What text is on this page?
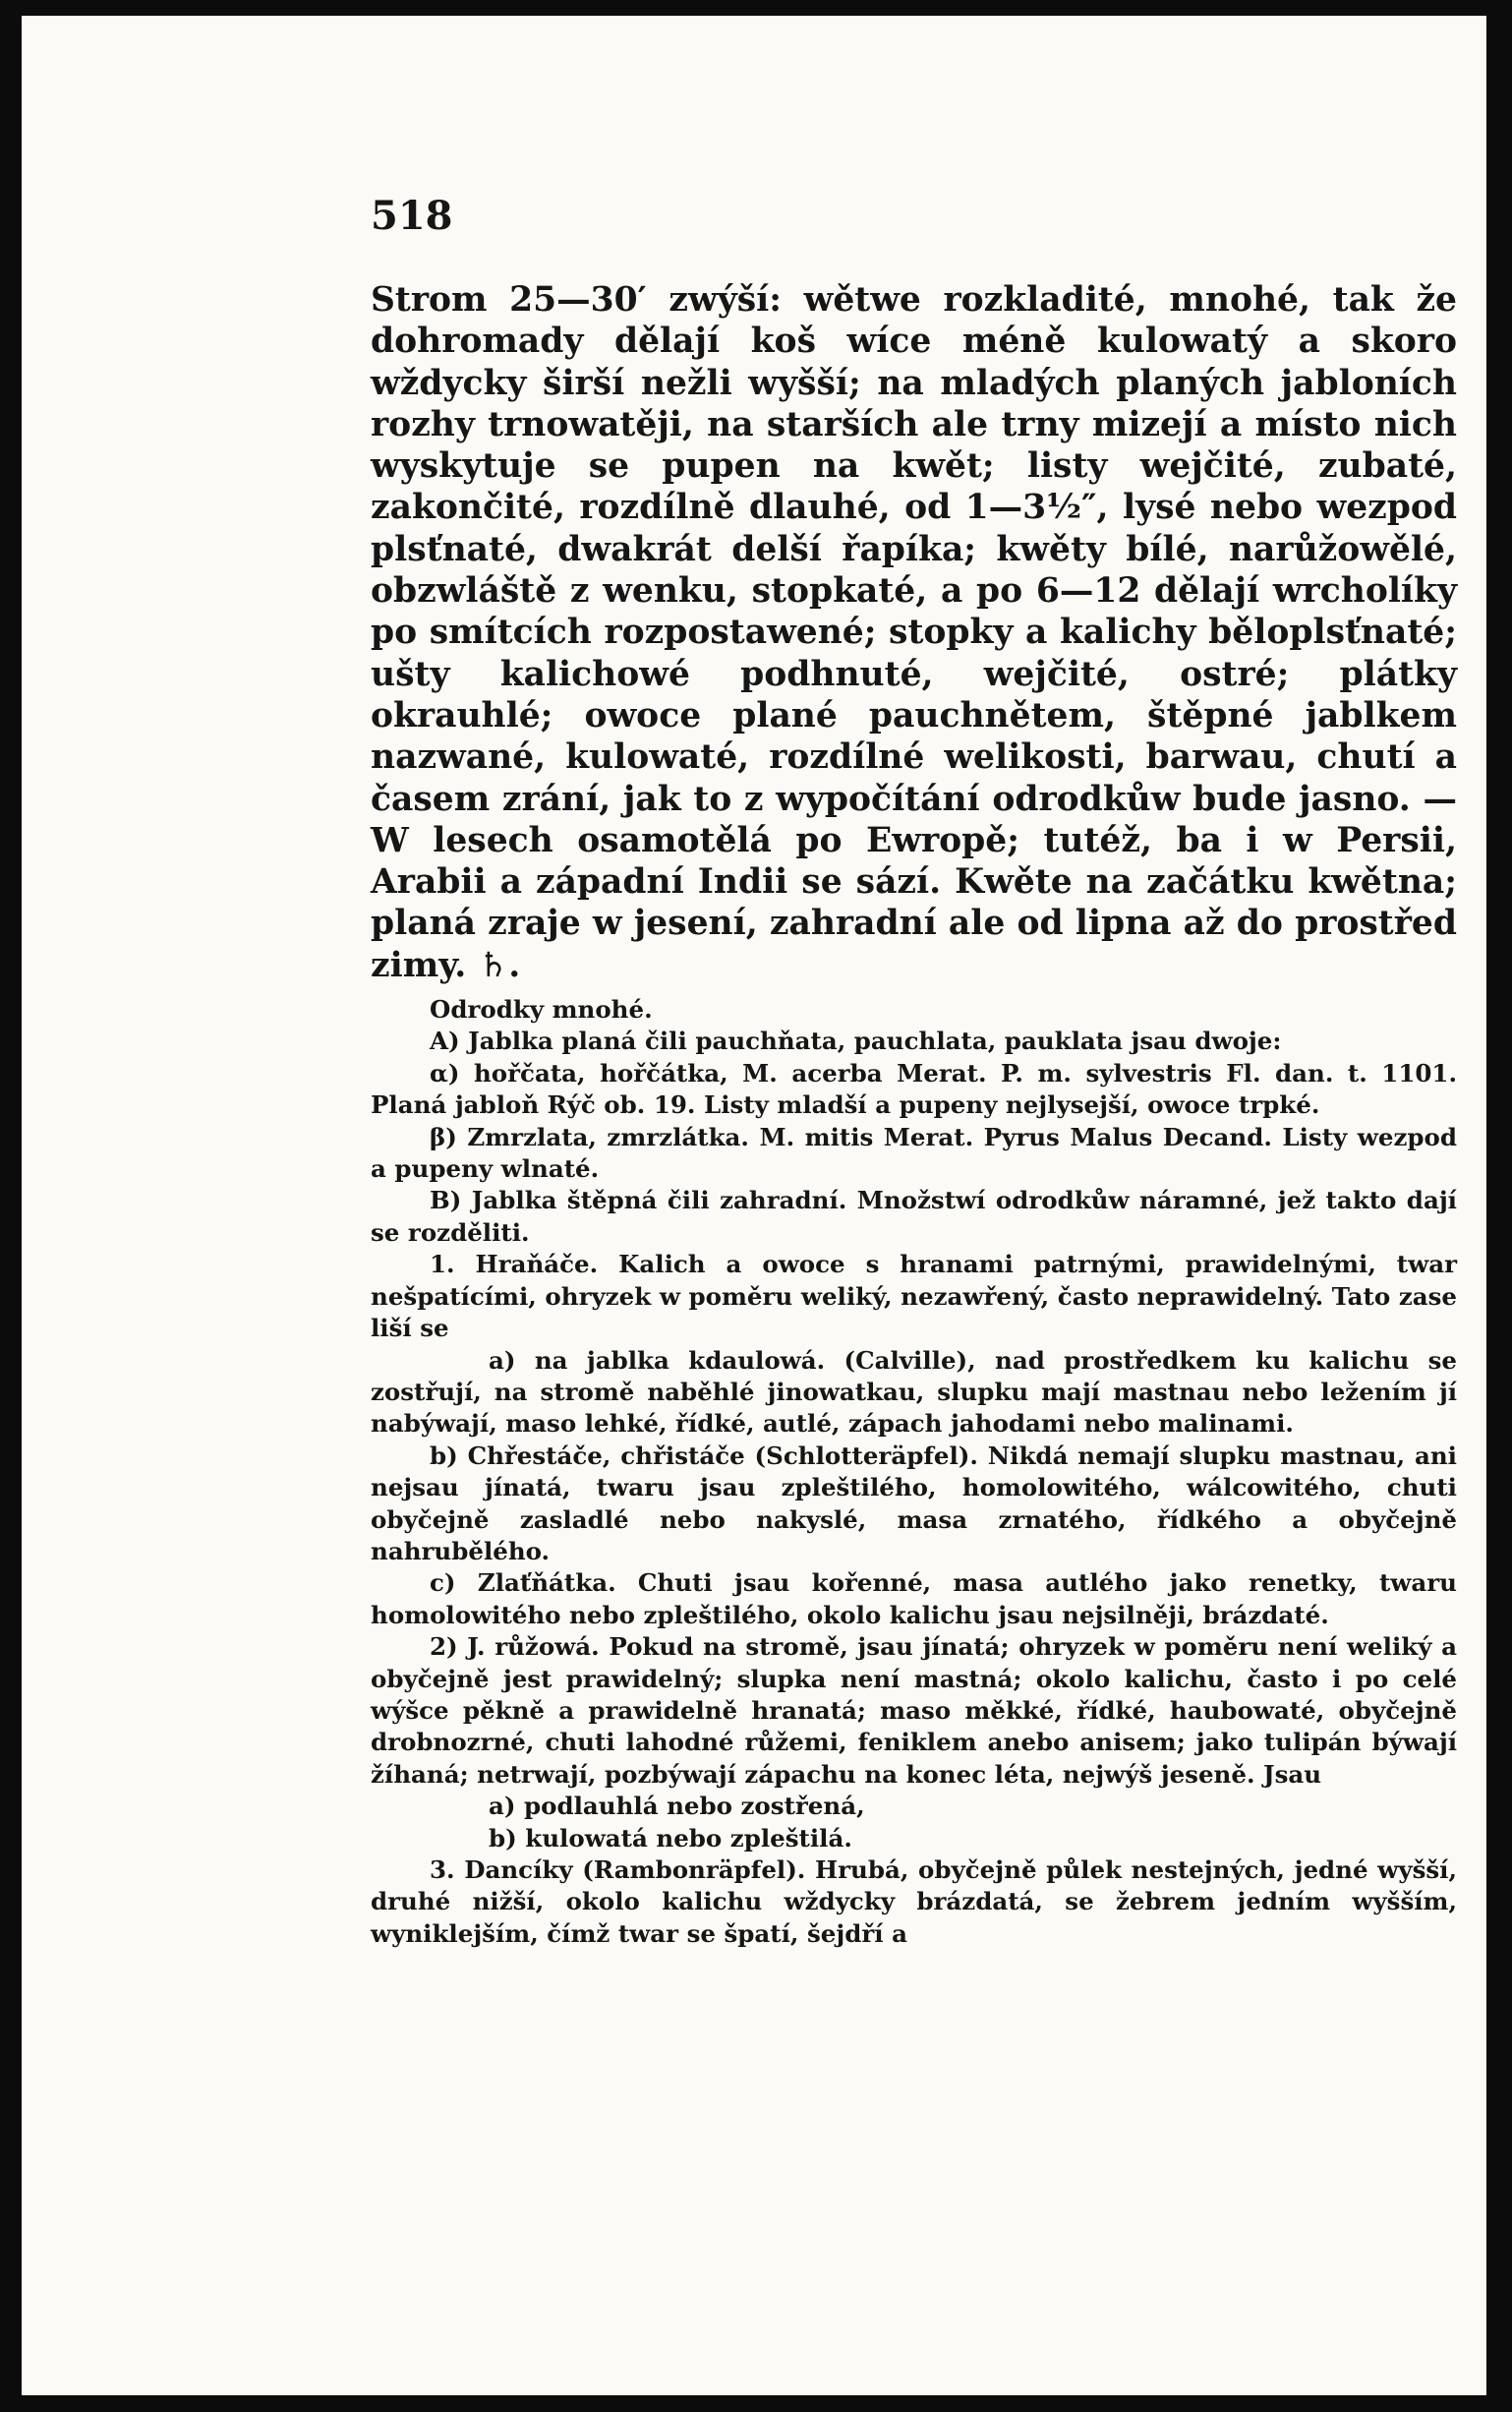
518

Strom 25—30′ zwýší: wětwe rozkladité, mnohé, tak že dohromady dělají koš wíce méně kulowatý a skoro wždycky širší nežli wyšší; na mladých planých jabloních rozhy trnowatěji, na starších ale trny mizejí a místo nich wyskytuje se pupen na kwět; listy wejčité, zubaté, zakončité, rozdílně dlauhé, od 1—3½″, lysé nebo wezpod plsťnaté, dwakrát delší řapíka; kwěty bílé, narůžowělé, obzwláště z wenku, stopkaté, a po 6—12 dělají wrcholíky po smítcích rozpostawené; stopky a kalichy běloplsťnaté; ušty kalichowé podhnuté, wejčité, ostré; plátky okrauhlé; owoce plané pauchnětem, štěpné jablkem nazwané, kulowaté, rozdílné welikosti, barwau, chutí a časem zrání, jak to z wypočítání odrodkůw bude jasno. — W lesech osamotělá po Ewropě; tutéž, ba i w Persii, Arabii a západní Indii se sází. Kwěte na začátku kwětna; planá zraje w jesení, zahradní ale od lipna až do prostřed zimy. ♄.

Odrodky mnohé.

A) Jablka planá čili pauchňata, pauchlata, pauklata jsau dwoje:

α) hořčata, hořčátka, M. acerba Merat. P. m. sylvestris Fl. dan. t. 1101. Planá jabloň Rýč ob. 19. Listy mladší a pupeny nejlysejší, owoce trpké.

β) Zmrzlata, zmrzlátka. M. mitis Merat. Pyrus Malus Decand. Listy wezpod a pupeny wlnaté.

B) Jablka štěpná čili zahradní. Množstwí odrodkůw náramné, jež takto dají se rozděliti.

1. Hraňáče. Kalich a owoce s hranami patrnými, prawidelnými, twar nešpatícími, ohryzek w poměru weliký, nezawřený, často neprawidelný. Tato zase liší se

a) na jablka kdaulowá. (Calville), nad prostředkem ku kalichu se zostřují, na stromě naběhlé jinowatkau, slupku mají mastnau nebo ležením jí nabýwají, maso lehké, řídké, autlé, zápach jahodami nebo malinami.

b) Chřestáče, chřistáče (Schlotteräpfel). Nikdá nemají slupku mastnau, ani nejsau jínatá, twaru jsau zpleštilého, homolowitého, wálcowitého, chuti obyčejně zasladlé nebo nakyslé, masa zrnatého, řídkého a obyčejně nahrubělého.

c) Zlaťňátka. Chuti jsau kořenné, masa autlého jako renetky, twaru homolowitého nebo zpleštilého, okolo kalichu jsau nejsilněji, brázdaté.

2) J. růžowá. Pokud na stromě, jsau jínatá; ohryzek w poměru není weliký a obyčejně jest prawidelný; slupka není mastná; okolo kalichu, často i po celé wýšce pěkně a prawidelně hranatá; maso měkké, řídké, haubowaté, obyčejně drobnozrné, chuti lahodné růžemi, feniklem anebo anisem; jako tulipán býwají žíhaná; netrwají, pozbýwají zápachu na konec léta, nejwýš jeseně. Jsau

a) podlauhlá nebo zostřená,

b) kulowatá nebo zpleštilá.

3. Dancíky (Rambonräpfel). Hrubá, obyčejně půlek nestejných, jedné wyšší, druhé nižší, okolo kalichu wždycky brázdatá, se žebrem jedním wyšším, wyniklejším, čímž twar se špatí, šejdří a
